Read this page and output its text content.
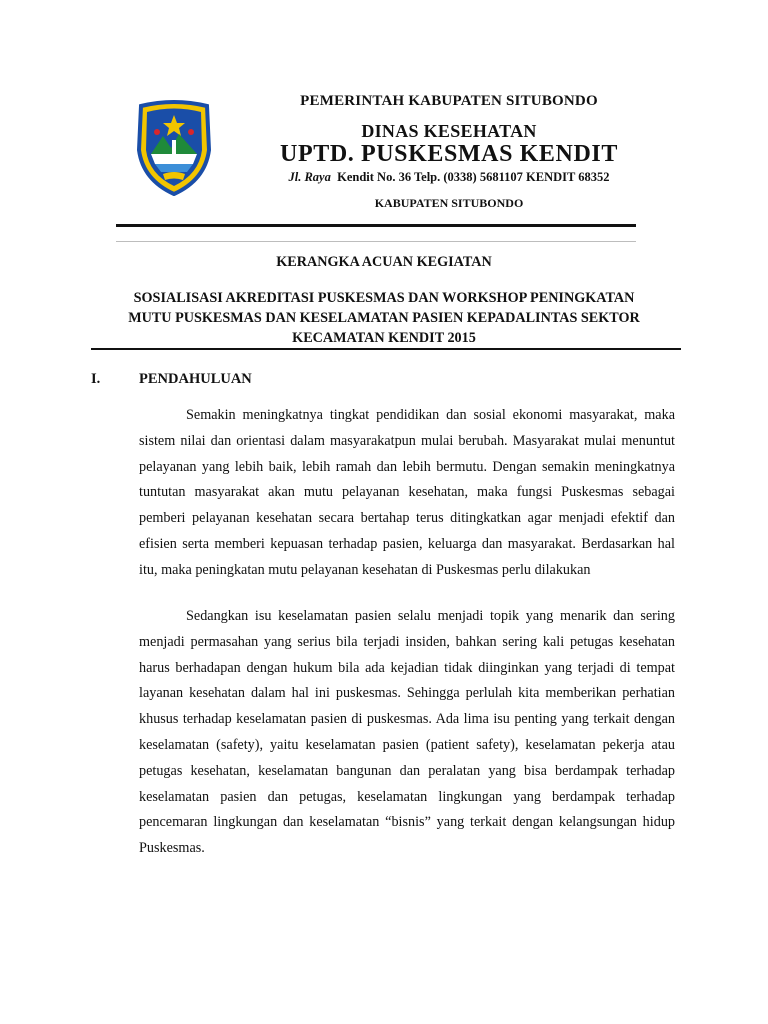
PEMERINTAH KABUPATEN SITUBONDO
DINAS KESEHATAN
UPTD. PUSKESMAS KENDIT
Jl. Raya Kendit No. 36 Telp. (0338) 5681107 KENDIT 68352
KABUPATEN SITUBONDO
KERANGKA ACUAN KEGIATAN
SOSIALISASI AKREDITASI PUSKESMAS DAN WORKSHOP PENINGKATAN
MUTU PUSKESMAS DAN KESELAMATAN PASIEN KEPADALINTAS SEKTOR
KECAMATAN KENDIT 2015
I.	PENDAHULUAN

Semakin meningkatnya tingkat pendidikan dan sosial ekonomi masyarakat, maka sistem nilai dan orientasi dalam masyarakatpun mulai berubah. Masyarakat mulai menuntut pelayanan yang lebih baik, lebih ramah dan lebih bermutu. Dengan semakin meningkatnya tuntutan masyarakat akan mutu pelayanan kesehatan, maka fungsi Puskesmas sebagai pemberi pelayanan kesehatan secara bertahap terus ditingkatkan agar menjadi efektif dan efisien serta memberi kepuasan terhadap pasien, keluarga dan masyarakat. Berdasarkan hal itu, maka peningkatan mutu pelayanan kesehatan di Puskesmas perlu dilakukan

Sedangkan isu keselamatan pasien selalu menjadi topik yang menarik dan sering menjadi permasahan yang serius bila terjadi insiden, bahkan sering kali petugas kesehatan harus berhadapan dengan hukum bila ada kejadian tidak diinginkan yang terjadi di tempat layanan kesehatan dalam hal ini puskesmas. Sehingga perlulah kita memberikan perhatian khusus terhadap keselamatan pasien di puskesmas. Ada lima isu penting yang terkait dengan keselamatan (safety), yaitu keselamatan pasien (patient safety), keselamatan pekerja atau petugas kesehatan, keselamatan bangunan dan peralatan yang bisa berdampak terhadap keselamatan pasien dan petugas, keselamatan lingkungan yang berdampak terhadap pencemaran lingkungan dan keselamatan “bisnis” yang terkait dengan kelangsungan hidup Puskesmas.
